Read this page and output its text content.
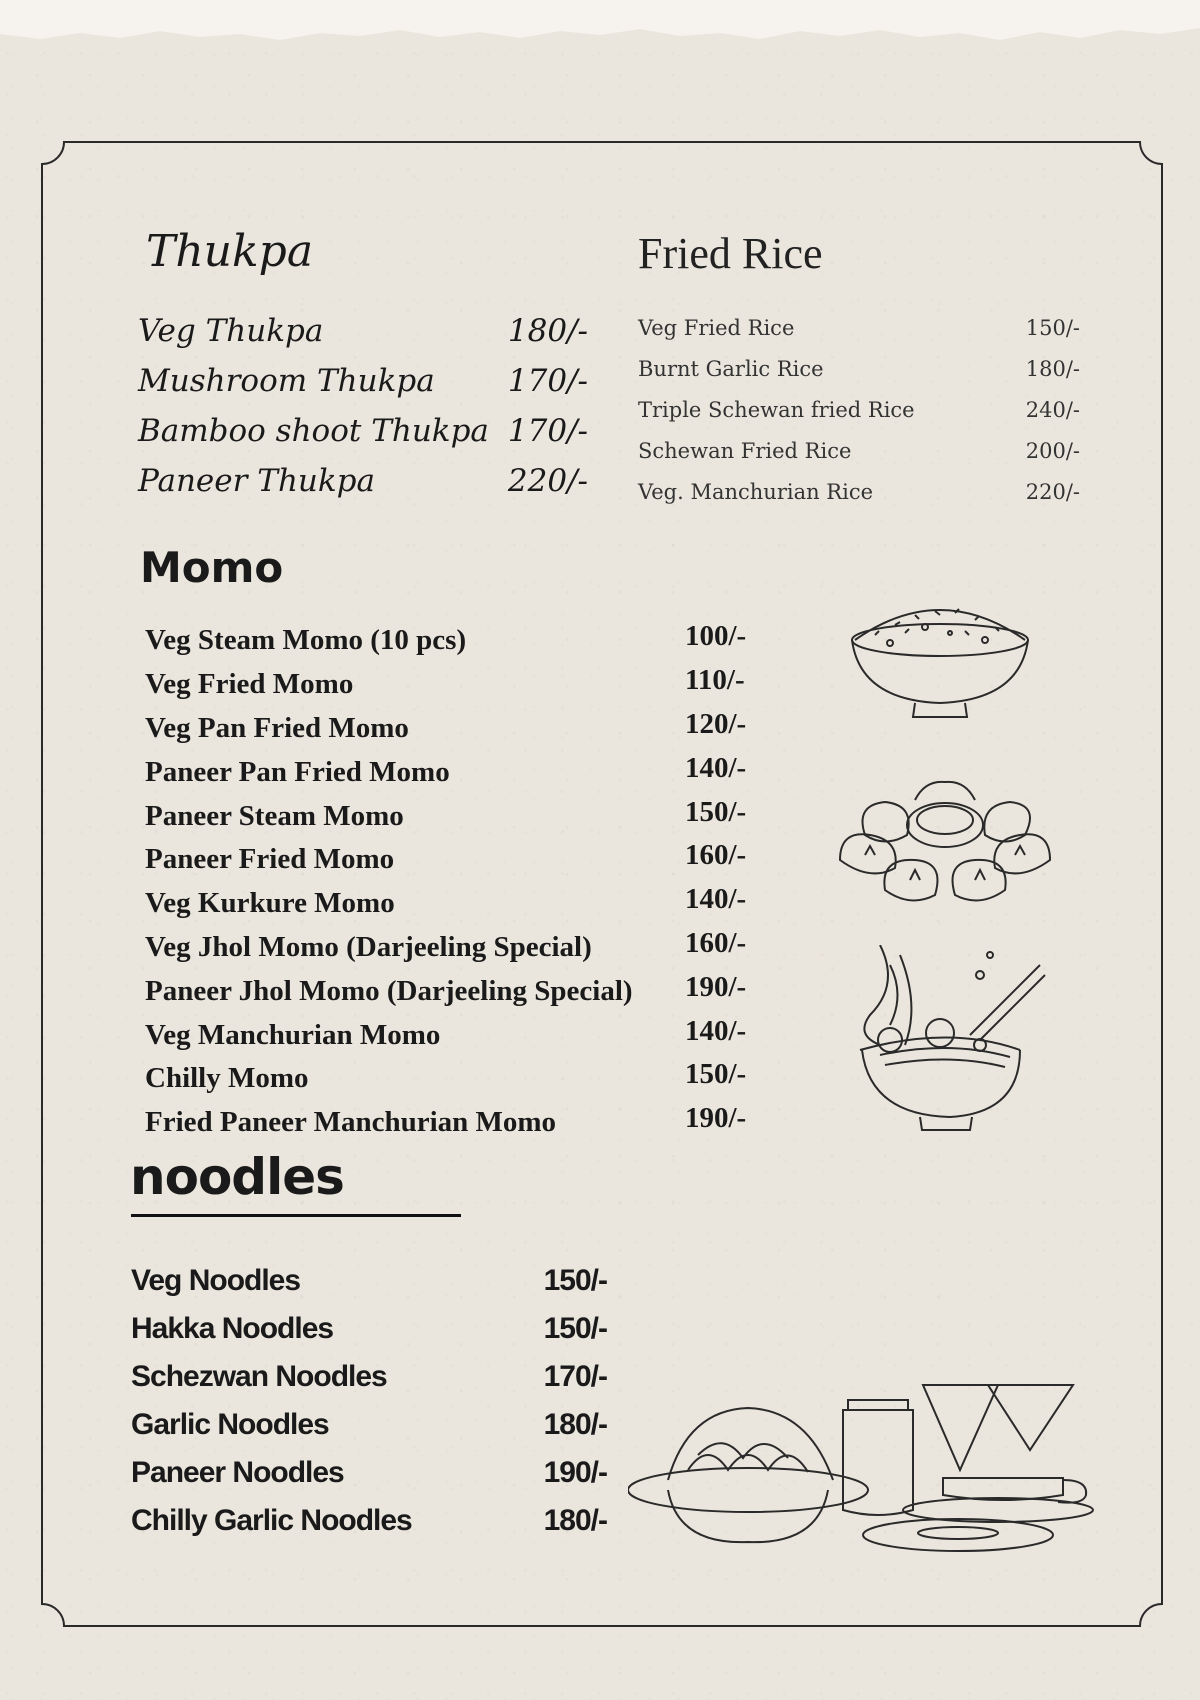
Thukpa
Veg Thukpa	180/-
Mushroom Thukpa 170/-
Bamboo shoot Thukpa 170/-
Paneer Thukpa	220/-
Fried Rice
Veg Fried Rice	150/-
Burnt Garlic Rice	180/-
Triple Schewan fried Rice	240/-
Schewan Fried Rice	200/-
Veg. Manchurian Rice	220/-
Momo
Veg Steam Momo (10 pcs)	100/-
Veg Fried Momo	110/-
Veg Pan Fried Momo	120/-
Paneer Pan Fried Momo	140/-
Paneer Steam Momo	150/-
Paneer Fried Momo	160/-
Veg Kurkure Momo	140/-
Veg Jhol Momo (Darjeeling Special)	160/-
Paneer Jhol Momo (Darjeeling Special) 190/-
Veg Manchurian Momo	140/-
Chilly Momo	150/-
Fried Paneer Manchurian Momo	190/-
noodles
Veg Noodles	150/-
Hakka Noodles	150/-
Schezwan Noodles	170/-
Garlic Noodles	180/-
Paneer Noodles	190/-
Chilly Garlic Noodles	180/-
